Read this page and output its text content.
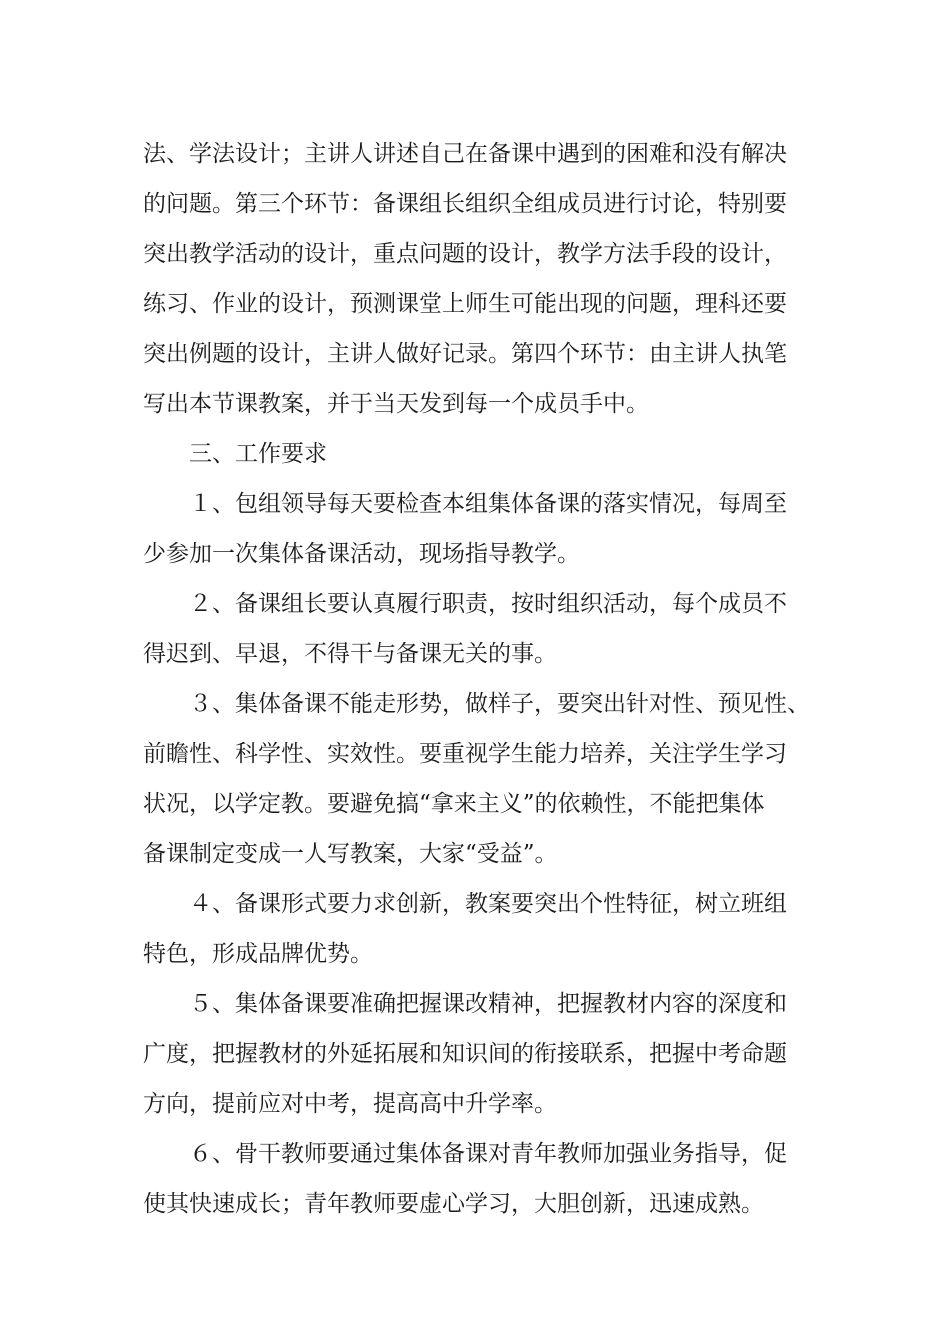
法、学法设计；主讲人讲述自己在备课中遇到的困难和没有解决
的问题。第三个环节：备课组长组织全组成员进行讨论，特别要
突出教学活动的设计，重点问题的设计，教学方法手段的设计，
练习、作业的设计，预测课堂上师生可能出现的问题，理科还要
突出例题的设计，主讲人做好记录。第四个环节：由主讲人执笔
写出本节课教案，并于当天发到每一个成员手中。
三、工作要求
１、包组领导每天要检查本组集体备课的落实情况，每周至
少参加一次集体备课活动，现场指导教学。
２、备课组长要认真履行职责，按时组织活动，每个成员不
得迟到、早退，不得干与备课无关的事。
３、集体备课不能走形势，做样子，要突出针对性、预见性、
前瞻性、科学性、实效性。要重视学生能力培养，关注学生学习
状况，以学定教。要避免搞“拿来主义”的依赖性，不能把集体
备课制定变成一人写教案，大家“受益”。
４、备课形式要力求创新，教案要突出个性特征，树立班组
特色，形成品牌优势。
５、集体备课要准确把握课改精神，把握教材内容的深度和
广度，把握教材的外延拓展和知识间的衔接联系，把握中考命题
方向，提前应对中考，提高高中升学率。
６、骨干教师要通过集体备课对青年教师加强业务指导，促
使其快速成长；青年教师要虚心学习，大胆创新，迅速成熟。
